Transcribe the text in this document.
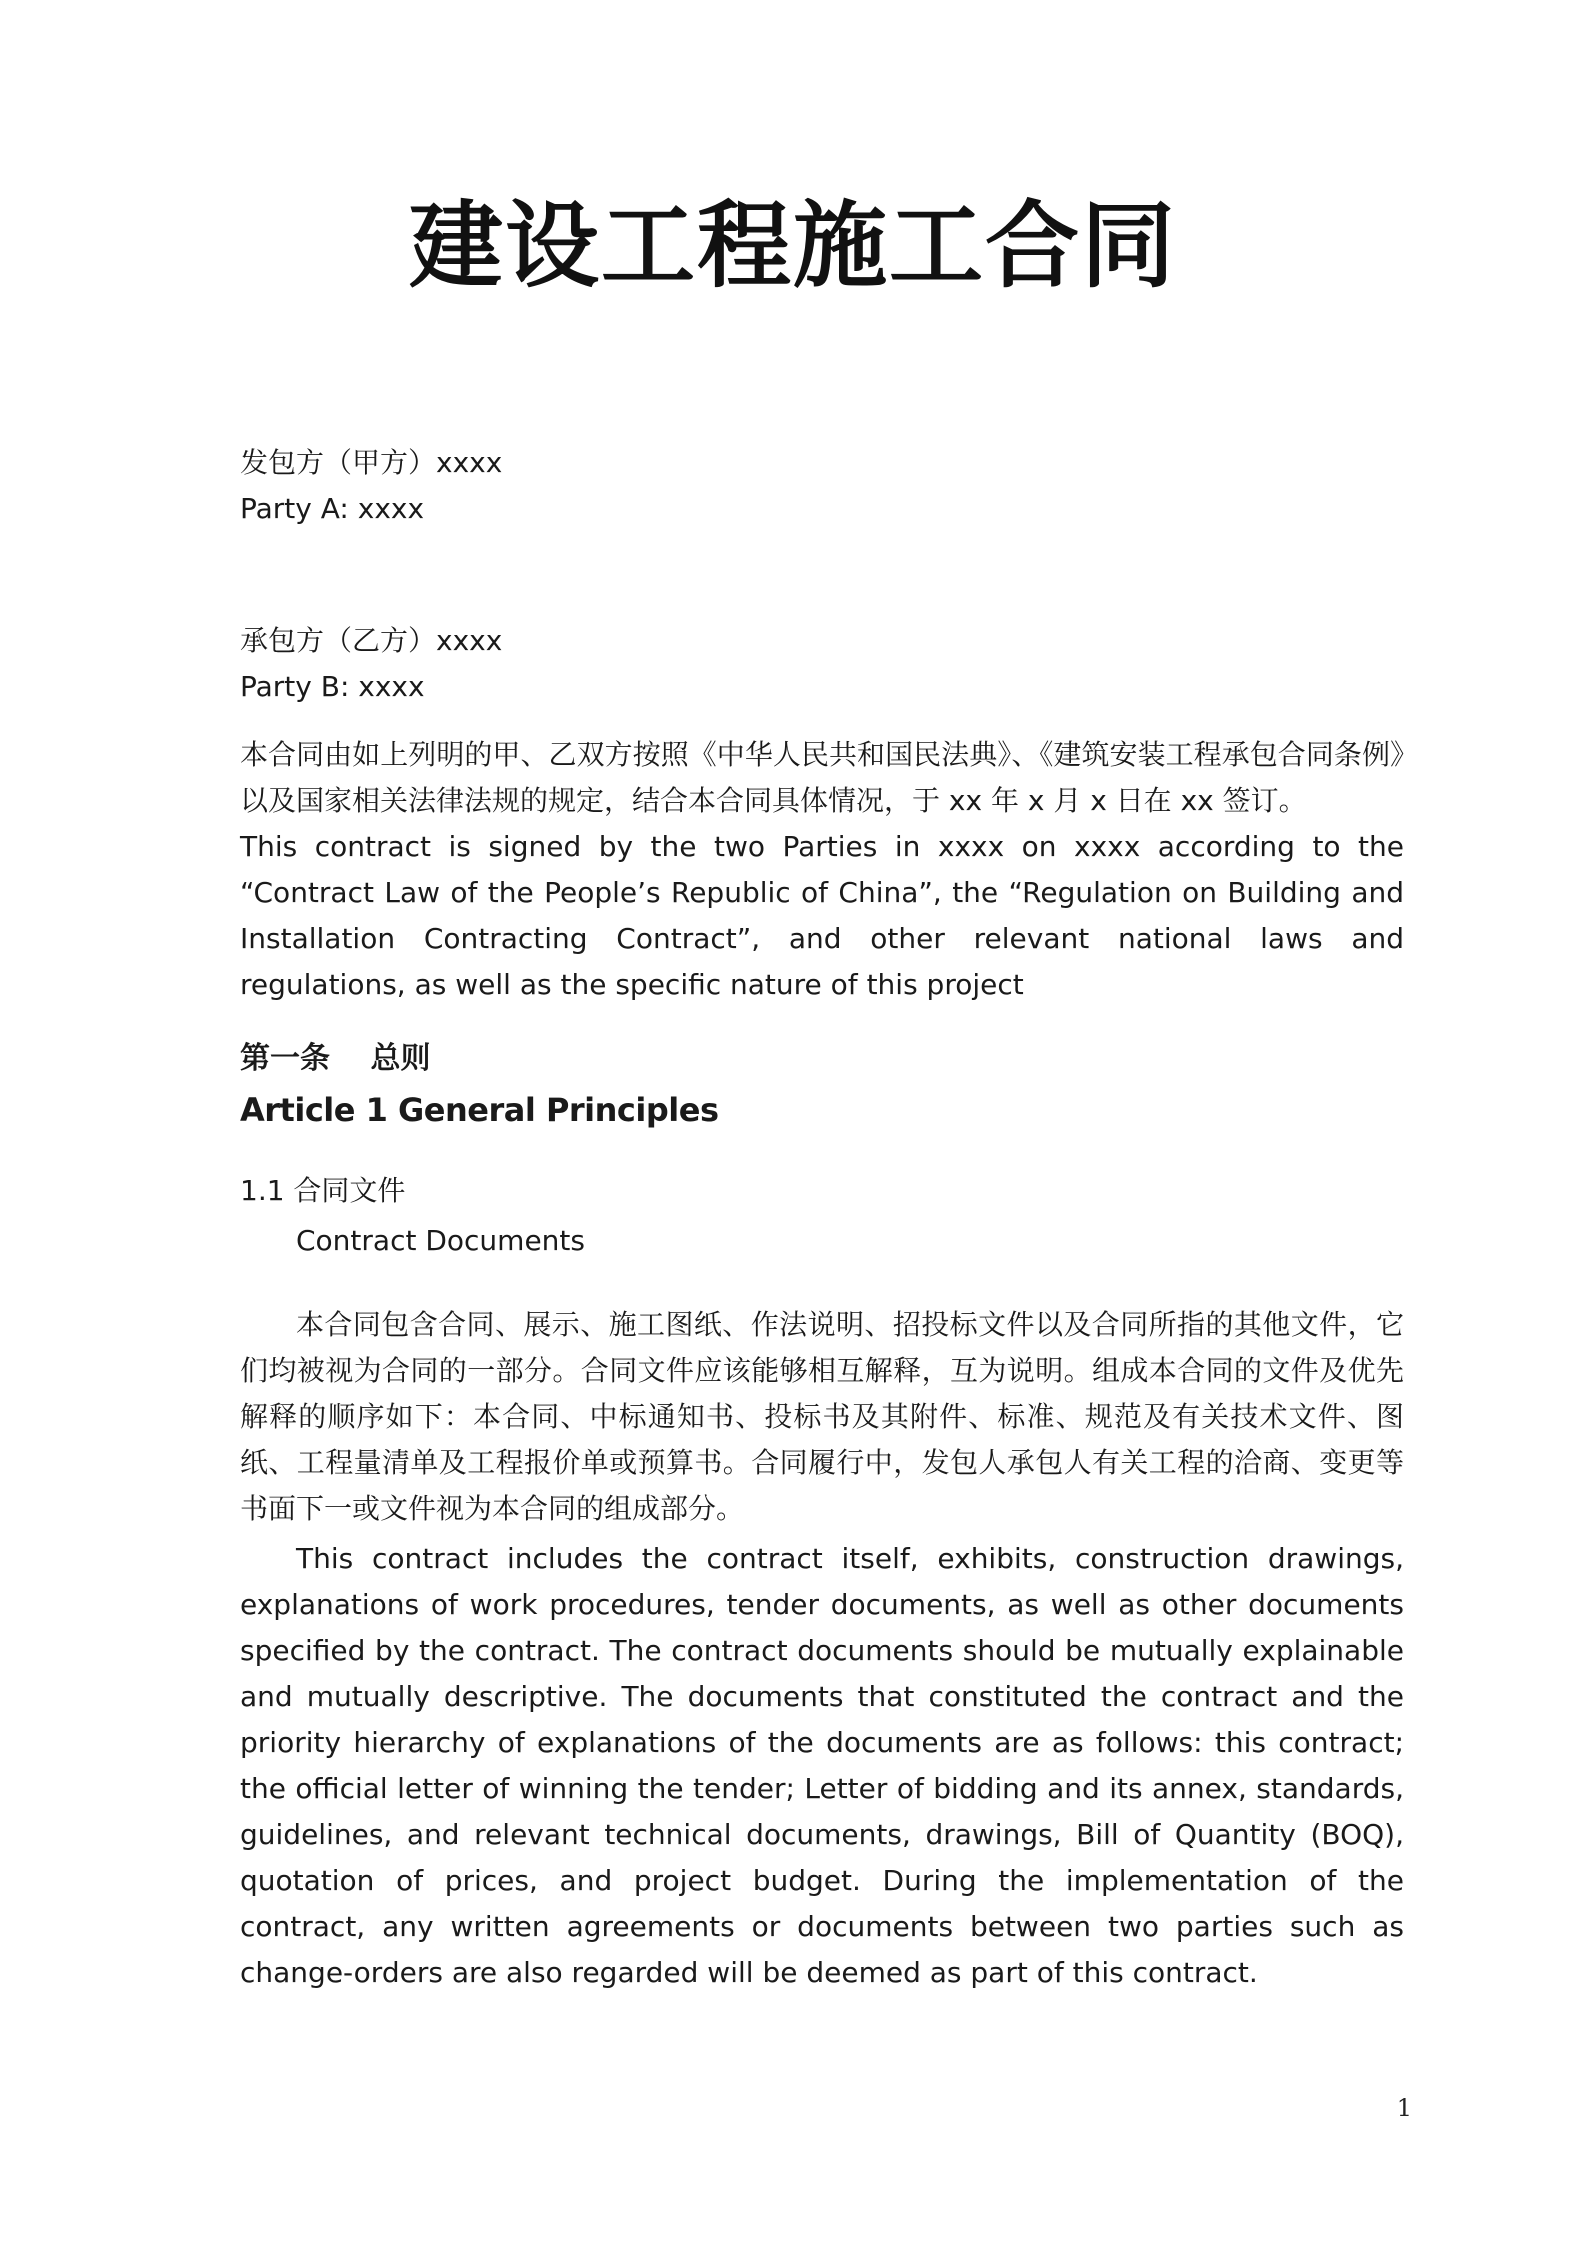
建设工程施工合同

发包方（甲方）xxxx

Party A: xxxx

承包方（乙方）xxxx

Party B: xxxx

本合同由如上列明的甲、乙双方按照《中华人民共和国民法典》、《建筑安装工程承包合同条例》以及国家相关法律法规的规定，结合本合同具体情况，于 xx 年 x 月 x 日在 xx 签订。

This contract is signed by the two Parties in xxxx on xxxx according to the “Contract Law of the People’s Republic of China”, the “Regulation on Building and Installation Contracting Contract”, and other relevant national laws and regulations, as well as the specific nature of this project

第一条　 总则

Article 1 General Principles

1.1 合同文件

Contract Documents

本合同包含合同、展示、施工图纸、作法说明、招投标文件以及合同所指的其他文件，它们均被视为合同的一部分。合同文件应该能够相互解释，互为说明。组成本合同的文件及优先解释的顺序如下：本合同、中标通知书、投标书及其附件、标准、规范及有关技术文件、图纸、工程量清单及工程报价单或预算书。合同履行中，发包人承包人有关工程的洽商、变更等书面下一或文件视为本合同的组成部分。

This contract includes the contract itself, exhibits, construction drawings, explanations of work procedures, tender documents, as well as other documents specified by the contract. The contract documents should be mutually explainable and mutually descriptive. The documents that constituted the contract and the priority hierarchy of explanations of the documents are as follows: this contract; the official letter of winning the tender; Letter of bidding and its annex, standards, guidelines, and relevant technical documents, drawings, Bill of Quantity (BOQ), quotation of prices, and project budget. During the implementation of the contract, any written agreements or documents between two parties such as change-orders are also regarded will be deemed as part of this contract.

1
